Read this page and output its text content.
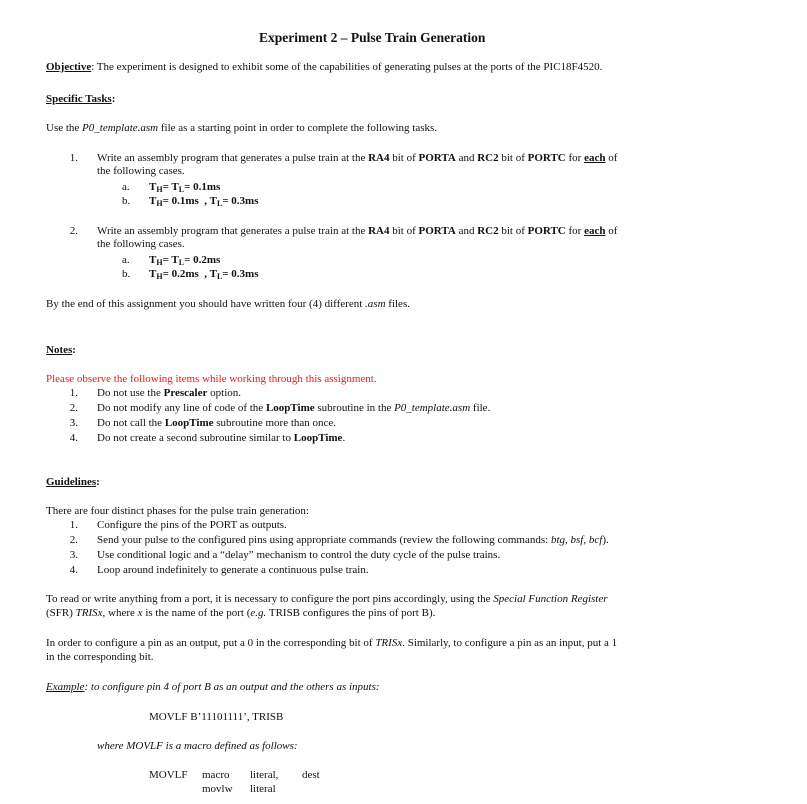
Experiment 2 – Pulse Train Generation
Objective: The experiment is designed to exhibit some of the capabilities of generating pulses at the ports of the PIC18F4520.
Specific Tasks:
Use the P0_template.asm file as a starting point in order to complete the following tasks.
1. Write an assembly program that generates a pulse train at the RA4 bit of PORTA and RC2 bit of PORTC for each of
the following cases.
a. $T_H= T_L= 0.1ms$
b. $T_H= 0.1ms$  , $T_L= 0.3ms$
2. Write an assembly program that generates a pulse train at the RA4 bit of PORTA and RC2 bit of PORTC for each of
the following cases.
a. $T_H= T_L= 0.2ms$
b. $T_H= 0.2ms$  , $T_L= 0.3ms$
By the end of this assignment you should have written four (4) different .asm files.
Notes:
Please observe the following items while working through this assignment.
1. Do not use the Prescaler option.
2. Do not modify any line of code of the LoopTime subroutine in the P0_template.asm file.
3. Do not call the LoopTime subroutine more than once.
4. Do not create a second subroutine similar to LoopTime.
Guidelines:
There are four distinct phases for the pulse train generation:
1. Configure the pins of the PORT as outputs.
2. Send your pulse to the configured pins using appropriate commands (review the following commands: btg, bsf, bcf).
3. Use conditional logic and a “delay” mechanism to control the duty cycle of the pulse trains.
4. Loop around indefinitely to generate a continuous pulse train.
To read or write anything from a port, it is necessary to configure the port pins accordingly, using the Special Function Register
(SFR) TRISx, where x is the name of the port (e.g. TRISB configures the pins of port B).
In order to configure a pin as an output, put a 0 in the corresponding bit of TRISx. Similarly, to configure a pin as an input, put a 1
in the corresponding bit.
Example: to configure pin 4 of port B as an output and the others as inputs:
MOVLF B’11101111’, TRISB
where MOVLF is a macro defined as follows:
MOVLF macro literal, dest
movlw literal
